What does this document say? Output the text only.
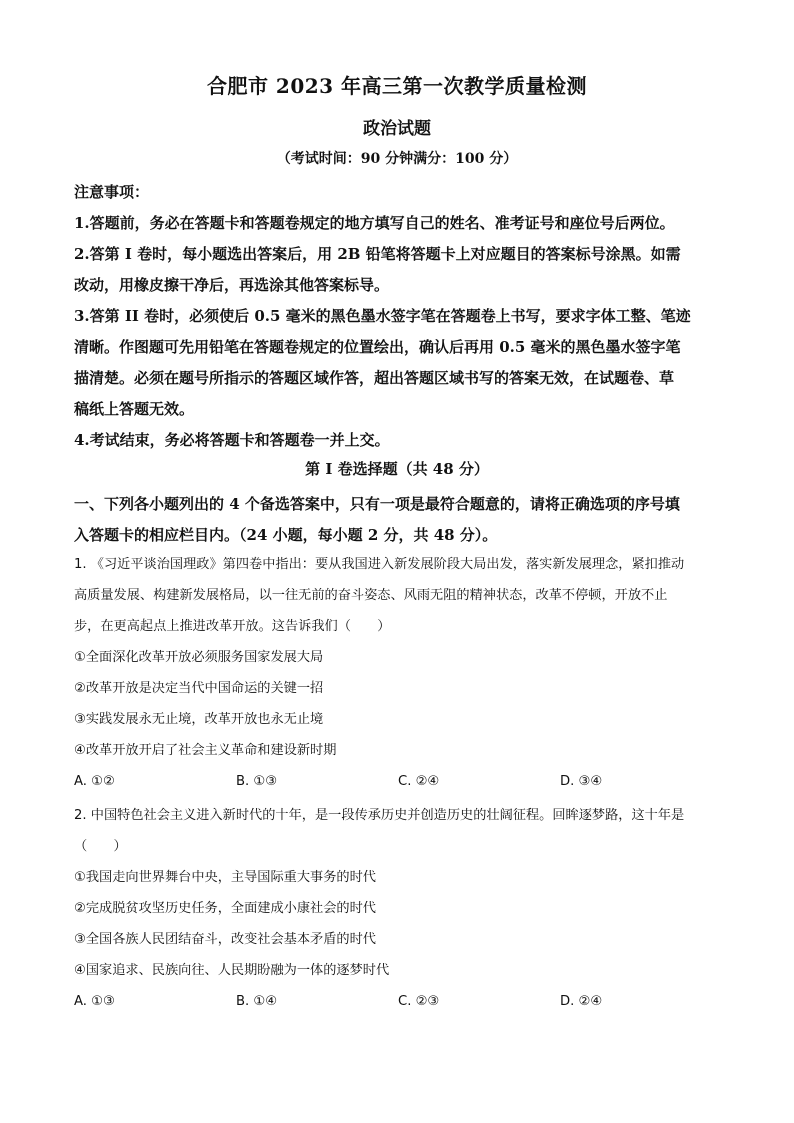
合肥市 2023 年高三第一次教学质量检测
政治试题
（考试时间：90 分钟满分：100 分）

注意事项：

1.答题前，务必在答题卡和答题卷规定的地方填写自己的姓名、准考证号和座位号后两位。

2.答第 I 卷时，每小题选出答案后，用 2B 铅笔将答题卡上对应题目的答案标号涂黑。如需

改动，用橡皮擦干净后，再选涂其他答案标导。

3.答第 II 卷时，必须使后 0.5 毫米的黑色墨水签字笔在答题卷上书写，要求字体工整、笔迹

清晰。作图题可先用铅笔在答题卷规定的位置绘出，确认后再用 0.5 毫米的黑色墨水签字笔

描清楚。必须在题号所指示的答题区域作答，超出答题区域书写的答案无效，在试题卷、草

稿纸上答题无效。

4.考试结束，务必将答题卡和答题卷一并上交。

第 I 卷选择题（共 48 分）
一、下列各小题列出的 4 个备选答案中，只有一项是最符合题意的，请将正确选项的序号填
入答题卡的相应栏目内。（24 小题，每小题 2 分，共 48 分）。

1. 《习近平谈治国理政》第四卷中指出：要从我国进入新发展阶段大局出发，落实新发展理念，紧扣推动

高质量发展、构建新发展格局，以一往无前的奋斗姿态、风雨无阻的精神状态，改革不停顿，开放不止

步，在更高起点上推进改革开放。这告诉我们（　　）

①全面深化改革开放必须服务国家发展大局

②改革开放是决定当代中国命运的关键一招

③实践发展永无止境，改革开放也永无止境

④改革开放开启了社会主义革命和建设新时期

A. ①②	B. ①③	C. ②④	D. ③④

2. 中国特色社会主义进入新时代的十年，是一段传承历史并创造历史的壮阔征程。回眸逐梦路，这十年是

（　　）

①我国走向世界舞台中央，主导国际重大事务的时代

②完成脱贫攻坚历史任务，全面建成小康社会的时代

③全国各族人民团结奋斗，改变社会基本矛盾的时代

④国家追求、民族向往、人民期盼融为一体的逐梦时代

A. ①③	B. ①④	C. ②③	D. ②④
